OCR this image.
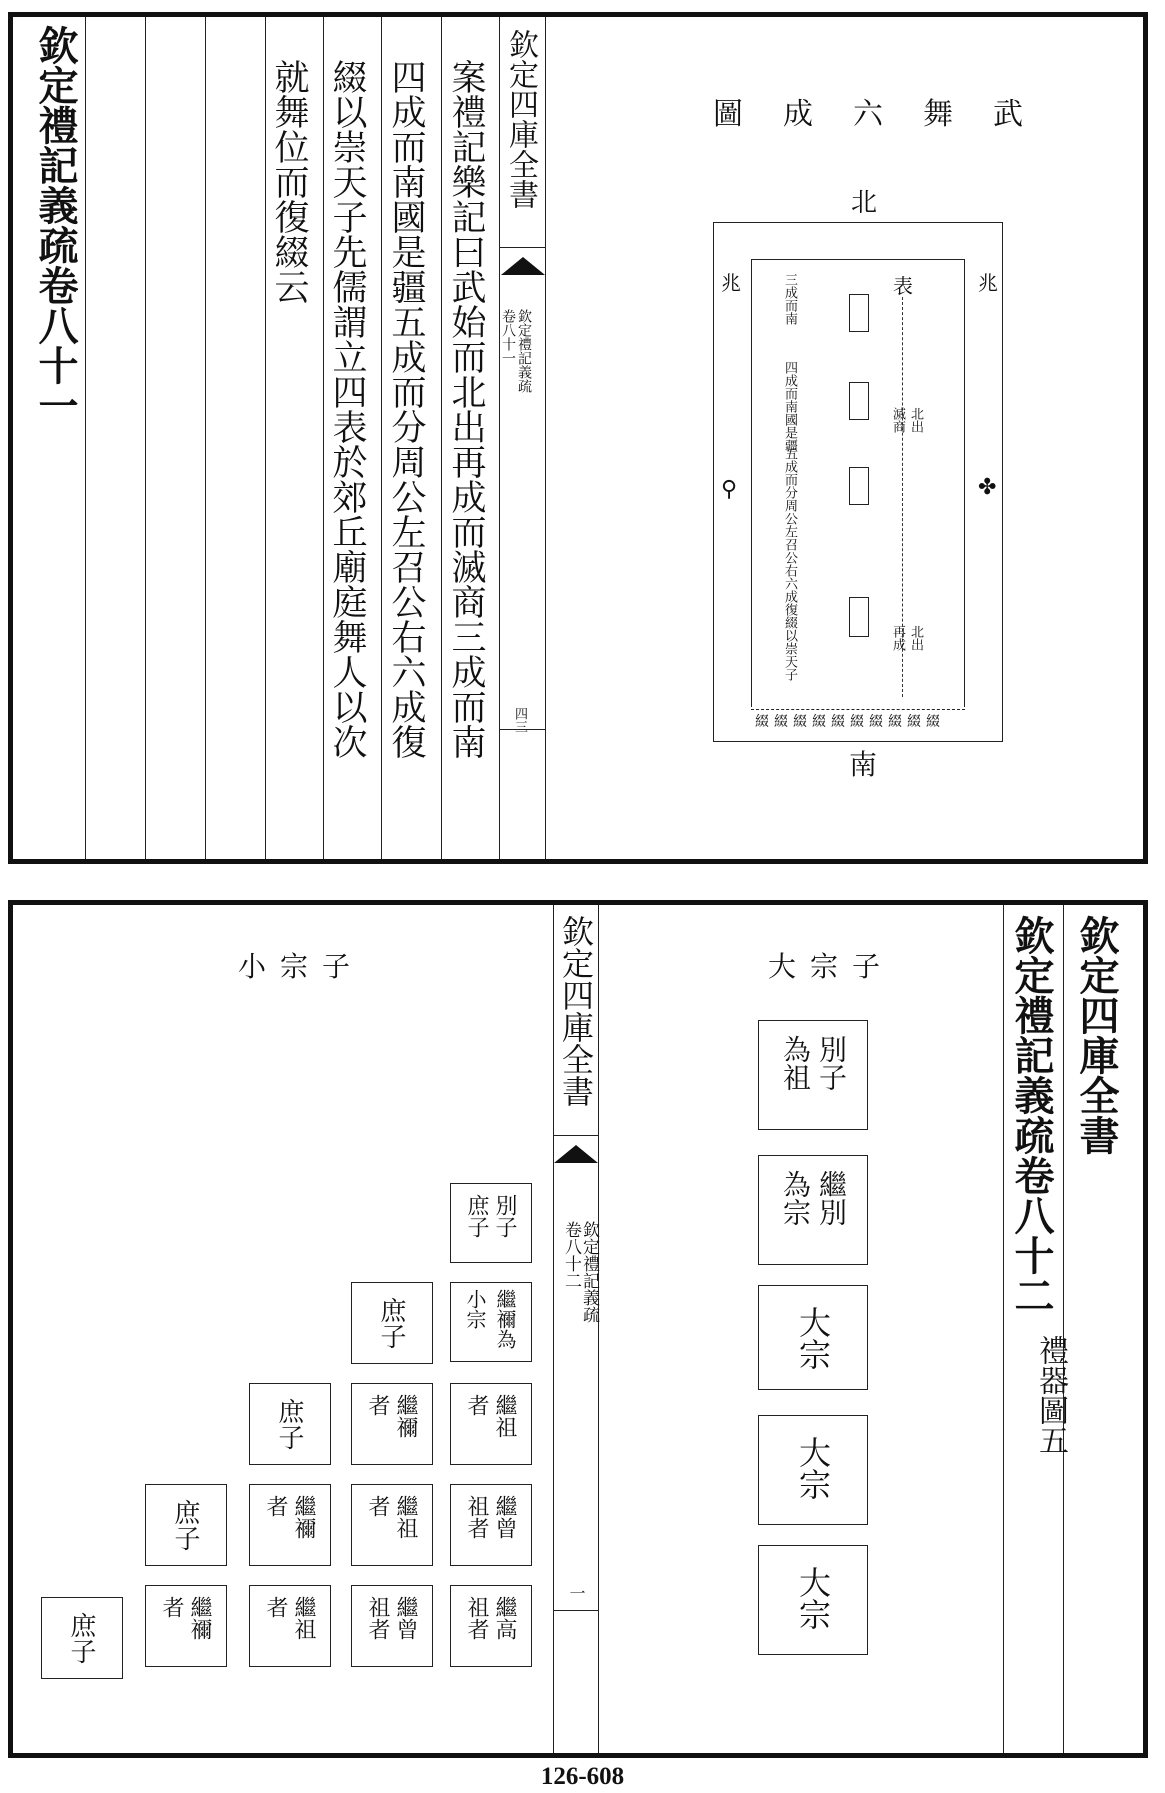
欽定禮記義疏卷八十一	案禮記樂記曰武始而北出再成而滅商三成而南
四成而南國是疆五成而分周公左召公右六成復
綴以崇天子先儒謂立四表於郊丘廟庭舞人以次
就舞位而復綴云	欽定四庫全書
欽定禮記義疏
卷八十一
四三
武舞六成圖
北
兆	兆
表
三成而南
四成而南國是疆
五成而分周公左召公右
六成復綴以崇天子
北出
滅商
北出
再成
⚲	✤
綴綴綴綴綴綴綴綴綴綴
南
欽定四庫全書
欽定禮記義疏卷八十二
禮器圖五
欽定四庫全書
欽定禮記義疏
卷八十二
一
大宗子
別子
為祖
繼別
為宗
大宗
大宗
大宗
小宗子
別子
庶子
繼禰為
小宗
繼祖
者
繼曾
祖者
繼高
祖者
庶子
繼禰
者
繼祖
者
繼曾
祖者
庶子
繼禰
者
繼祖
者
庶子
繼禰
者
庶子
126-608
